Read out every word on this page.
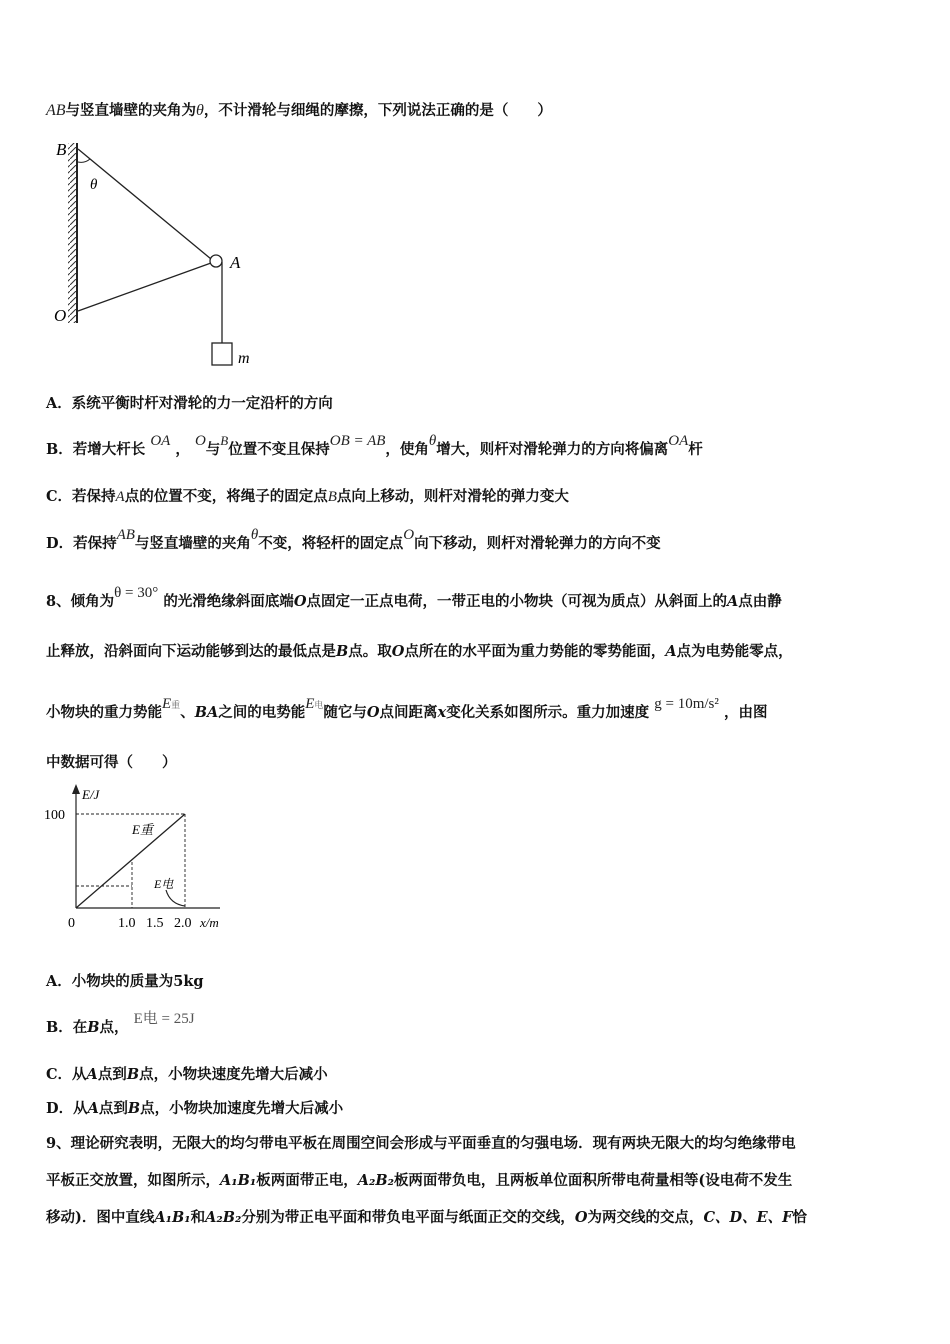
AB与竖直墙壁的夹角为θ，不计滑轮与细绳的摩擦，下列说法正确的是（　　）
B
θ
A
O
m
A．系统平衡时杆对滑轮的力一定沿杆的方向
B．若增大杆长 OA ， O与B位置不变且保持OB = AB，使角θ增大，则杆对滑轮弹力的方向将偏离OA杆
C．若保持A点的位置不变，将绳子的固定点B点向上移动，则杆对滑轮的弹力变大
D．若保持AB与竖直墙壁的夹角θ不变，将轻杆的固定点O向下移动，则杆对滑轮弹力的方向不变
8、倾角为θ = 30° 的光滑绝缘斜面底端O点固定一正点电荷，一带正电的小物块（可视为质点）从斜面上的A点由静
止释放，沿斜面向下运动能够到达的最低点是B点。取O点所在的水平面为重力势能的零势能面，A点为电势能零点，
小物块的重力势能E重、BA之间的电势能E电随它与O点间距离x变化关系如图所示。重力加速度 g = 10m/s² ，由图
中数据可得（　　）
E/J
100
0	1.0 1.5 2.0 x/m
E重
E电
A．小物块的质量为5kg
B．在B点， E电 = 25J
C．从A点到B点，小物块速度先增大后减小
D．从A点到B点，小物块加速度先增大后减小
9、理论研究表明，无限大的均匀带电平板在周围空间会形成与平面垂直的匀强电场．现有两块无限大的均匀绝缘带电
平板正交放置，如图所示，A₁B₁板两面带正电，A₂B₂板两面带负电，且两板单位面积所带电荷量相等(设电荷不发生
移动)．图中直线A₁B₁和A₂B₂分别为带正电平面和带负电平面与纸面正交的交线，O为两交线的交点，C、D、E、F恰
